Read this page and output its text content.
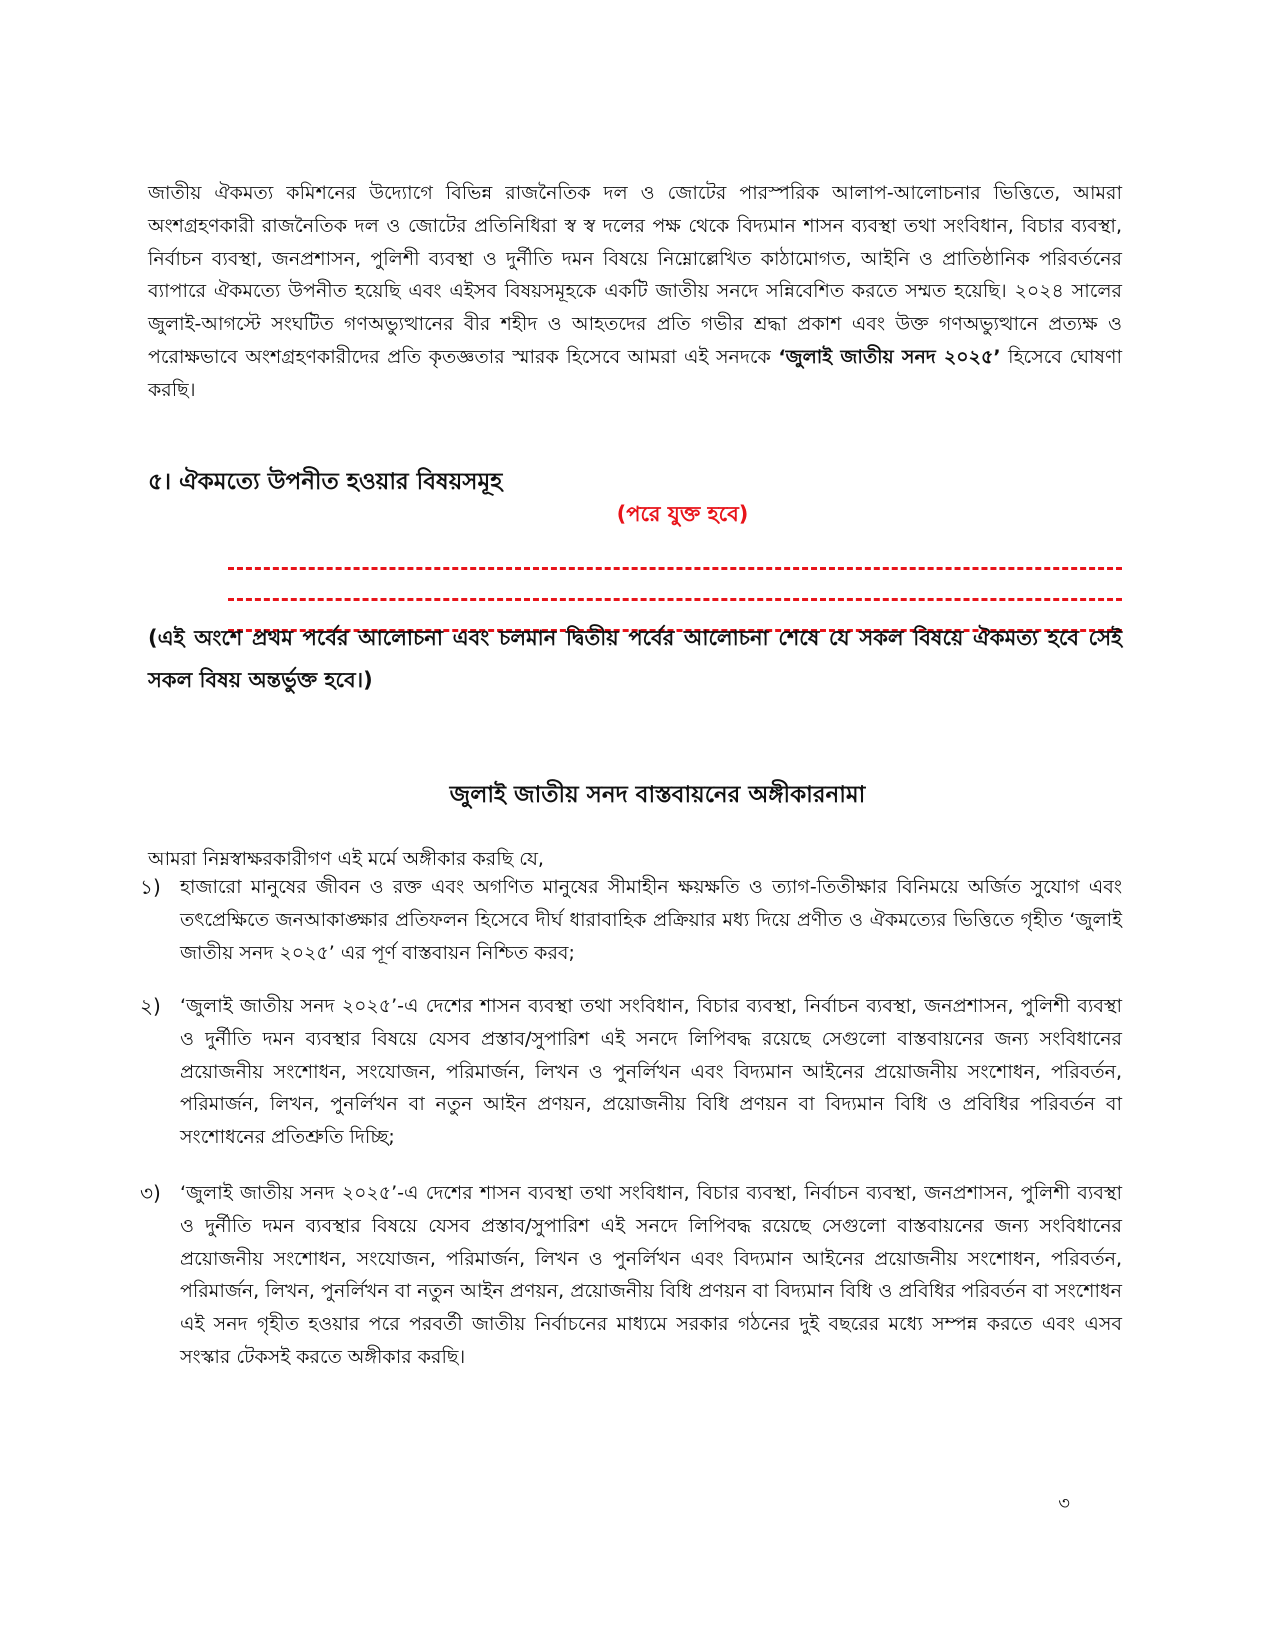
জাতীয় ঐকমত্য কমিশনের উদ্যোগে বিভিন্ন রাজনৈতিক দল ও জোটের পারস্পরিক আলাপ-আলোচনার ভিত্তিতে, আমরা অংশগ্রহণকারী রাজনৈতিক দল ও জোটের প্রতিনিধিরা স্ব স্ব দলের পক্ষ থেকে বিদ্যমান শাসন ব্যবস্থা তথা সংবিধান, বিচার ব্যবস্থা, নির্বাচন ব্যবস্থা, জনপ্রশাসন, পুলিশী ব্যবস্থা ও দুর্নীতি দমন বিষয়ে নিম্নোল্লেখিত কাঠামোগত, আইনি ও প্রাতিষ্ঠানিক পরিবর্তনের ব্যাপারে ঐকমত্যে উপনীত হয়েছি এবং এইসব বিষয়সমূহকে একটি জাতীয় সনদে সন্নিবেশিত করতে সম্মত হয়েছি। ২০২৪ সালের জুলাই-আগস্টে সংঘটিত গণঅভ্যুত্থানের বীর শহীদ ও আহতদের প্রতি গভীর শ্রদ্ধা প্রকাশ এবং উক্ত গণঅভ্যুত্থানে প্রত্যক্ষ ও পরোক্ষভাবে অংশগ্রহণকারীদের প্রতি কৃতজ্ঞতার স্মারক হিসেবে আমরা এই সনদকে ‘জুলাই জাতীয় সনদ ২০২৫’ হিসেবে ঘোষণা করছি।

৫। ঐকমত্যে উপনীত হওয়ার বিষয়সমূহ
(পরে যুক্ত হবে)

(এই অংশে প্রথম পর্বের আলোচনা এবং চলমান দ্বিতীয় পর্বের আলোচনা শেষে যে সকল বিষয়ে ঐকমত্য হবে সেই সকল বিষয় অন্তর্ভুক্ত হবে।)

জুলাই জাতীয় সনদ বাস্তবায়নের অঙ্গীকারনামা

আমরা নিম্নস্বাক্ষরকারীগণ এই মর্মে অঙ্গীকার করছি যে,

১)	হাজারো মানুষের জীবন ও রক্ত এবং অগণিত মানুষের সীমাহীন ক্ষয়ক্ষতি ও ত্যাগ-তিতীক্ষার বিনিময়ে অর্জিত সুযোগ এবং তৎপ্রেক্ষিতে জনআকাঙ্ক্ষার প্রতিফলন হিসেবে দীর্ঘ ধারাবাহিক প্রক্রিয়ার মধ্য দিয়ে প্রণীত ও ঐকমত্যের ভিত্তিতে গৃহীত ‘জুলাই জাতীয় সনদ ২০২৫’ এর পূর্ণ বাস্তবায়ন নিশ্চিত করব;
২)	‘জুলাই জাতীয় সনদ ২০২৫’-এ দেশের শাসন ব্যবস্থা তথা সংবিধান, বিচার ব্যবস্থা, নির্বাচন ব্যবস্থা, জনপ্রশাসন, পুলিশী ব্যবস্থা ও দুর্নীতি দমন ব্যবস্থার বিষয়ে যেসব প্রস্তাব/সুপারিশ এই সনদে লিপিবদ্ধ রয়েছে সেগুলো বাস্তবায়নের জন্য সংবিধানের প্রয়োজনীয় সংশোধন, সংযোজন, পরিমার্জন, লিখন ও পুনর্লিখন এবং বিদ্যমান আইনের প্রয়োজনীয় সংশোধন, পরিবর্তন, পরিমার্জন, লিখন, পুনর্লিখন বা নতুন আইন প্রণয়ন, প্রয়োজনীয় বিধি প্রণয়ন বা বিদ্যমান বিধি ও প্রবিধির পরিবর্তন বা সংশোধনের প্রতিশ্রুতি দিচ্ছি;
৩)	‘জুলাই জাতীয় সনদ ২০২৫’-এ দেশের শাসন ব্যবস্থা তথা সংবিধান, বিচার ব্যবস্থা, নির্বাচন ব্যবস্থা, জনপ্রশাসন, পুলিশী ব্যবস্থা ও দুর্নীতি দমন ব্যবস্থার বিষয়ে যেসব প্রস্তাব/সুপারিশ এই সনদে লিপিবদ্ধ রয়েছে সেগুলো বাস্তবায়নের জন্য সংবিধানের প্রয়োজনীয় সংশোধন, সংযোজন, পরিমার্জন, লিখন ও পুনর্লিখন এবং বিদ্যমান আইনের প্রয়োজনীয় সংশোধন, পরিবর্তন, পরিমার্জন, লিখন, পুনর্লিখন বা নতুন আইন প্রণয়ন, প্রয়োজনীয় বিধি প্রণয়ন বা বিদ্যমান বিধি ও প্রবিধির পরিবর্তন বা সংশোধন এই সনদ গৃহীত হওয়ার পরে পরবর্তী জাতীয় নির্বাচনের মাধ্যমে সরকার গঠনের দুই বছরের মধ্যে সম্পন্ন করতে এবং এসব সংস্কার টেকসই করতে অঙ্গীকার করছি।
৩
